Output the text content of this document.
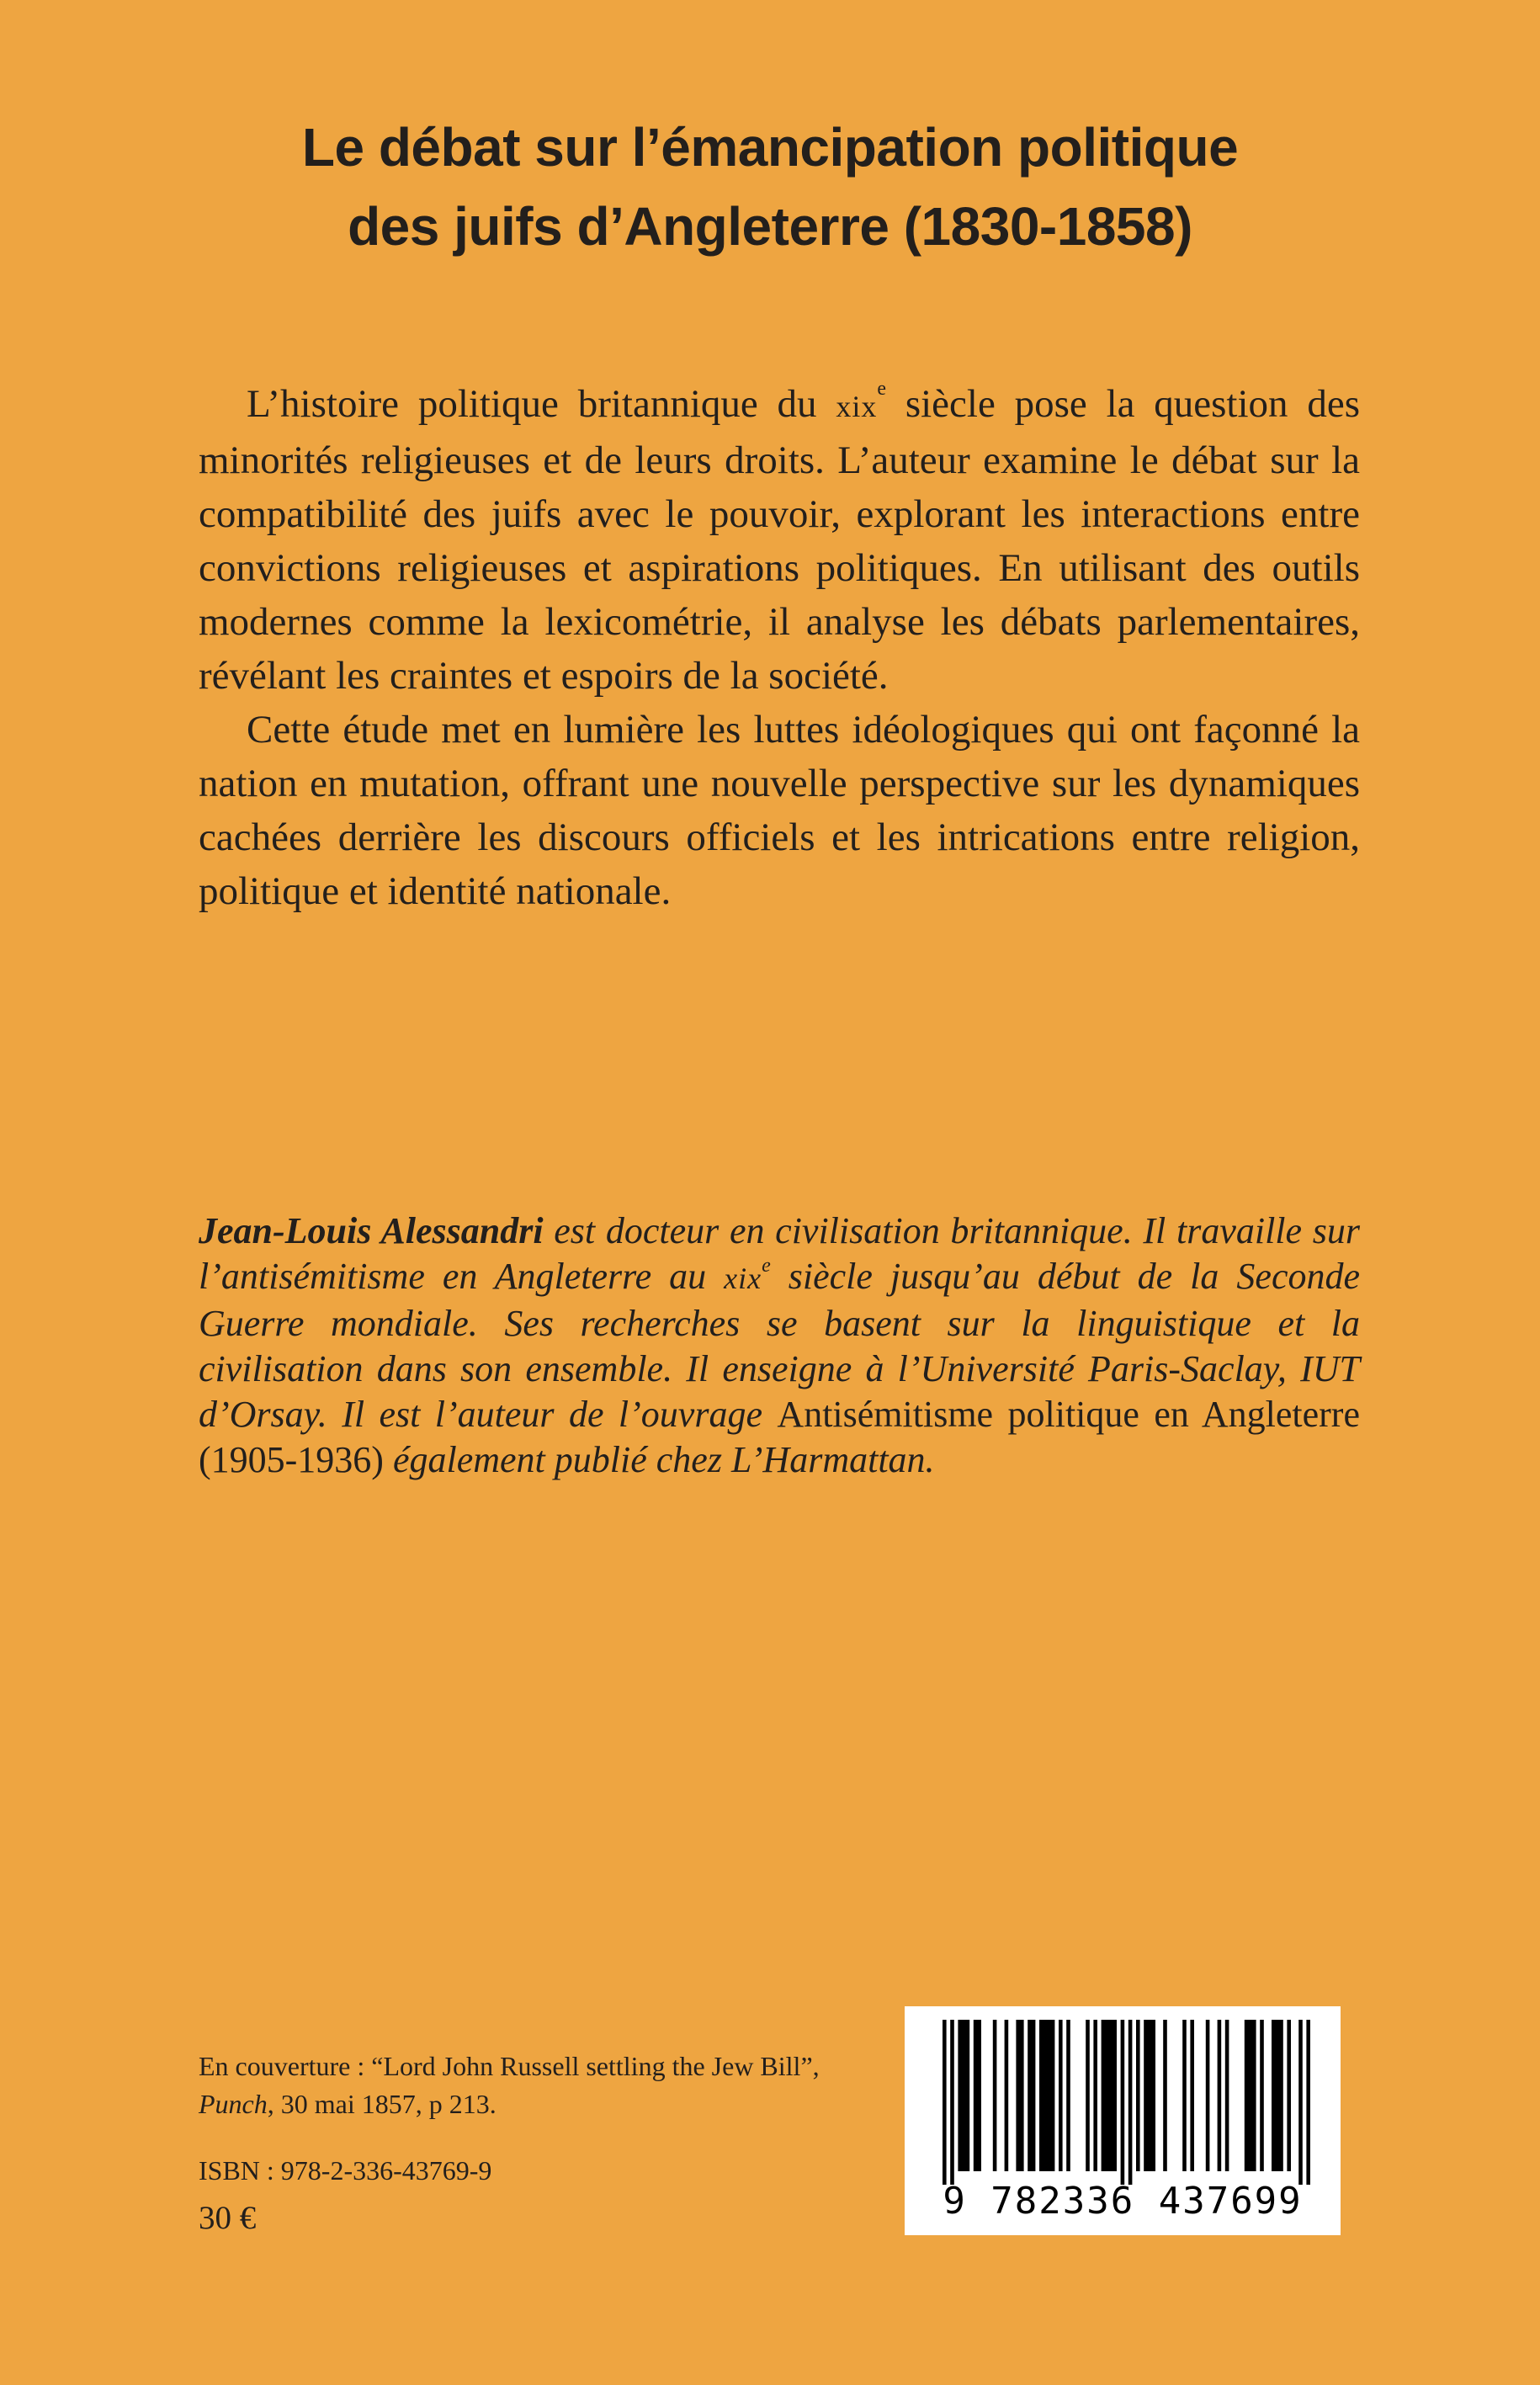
Le débat sur l’émancipation politique
des juifs d’Angleterre (1830-1858)

L’histoire politique britannique du xix$^e$ siècle pose la question des minorités religieuses et de leurs droits. L’auteur examine le débat sur la compatibilité des juifs avec le pouvoir, explorant les interactions entre convictions religieuses et aspirations politiques. En utilisant des outils modernes comme la lexicométrie, il analyse les débats parlementaires, révélant les craintes et espoirs de la société.

Cette étude met en lumière les luttes idéologiques qui ont façonné la nation en mutation, offrant une nouvelle perspective sur les dynamiques cachées derrière les discours officiels et les intrications entre religion, politique et identité nationale.

Jean-Louis Alessandri est docteur en civilisation britannique. Il travaille sur l’antisémitisme en Angleterre au xix$^e$ siècle jusqu’au début de la Seconde Guerre mondiale. Ses recherches se basent sur la linguistique et la civilisation dans son ensemble. Il enseigne à l’Université Paris-Saclay, IUT d’Orsay. Il est l’auteur de l’ouvrage Antisémitisme politique en Angleterre (1905-1936) également publié chez L’Harmattan.
En couverture : “Lord John Russell settling the Jew Bill”,
Punch, 30 mai 1857, p 213.
ISBN : 978-2-336-43769-9
30 €	9 782336 437699
